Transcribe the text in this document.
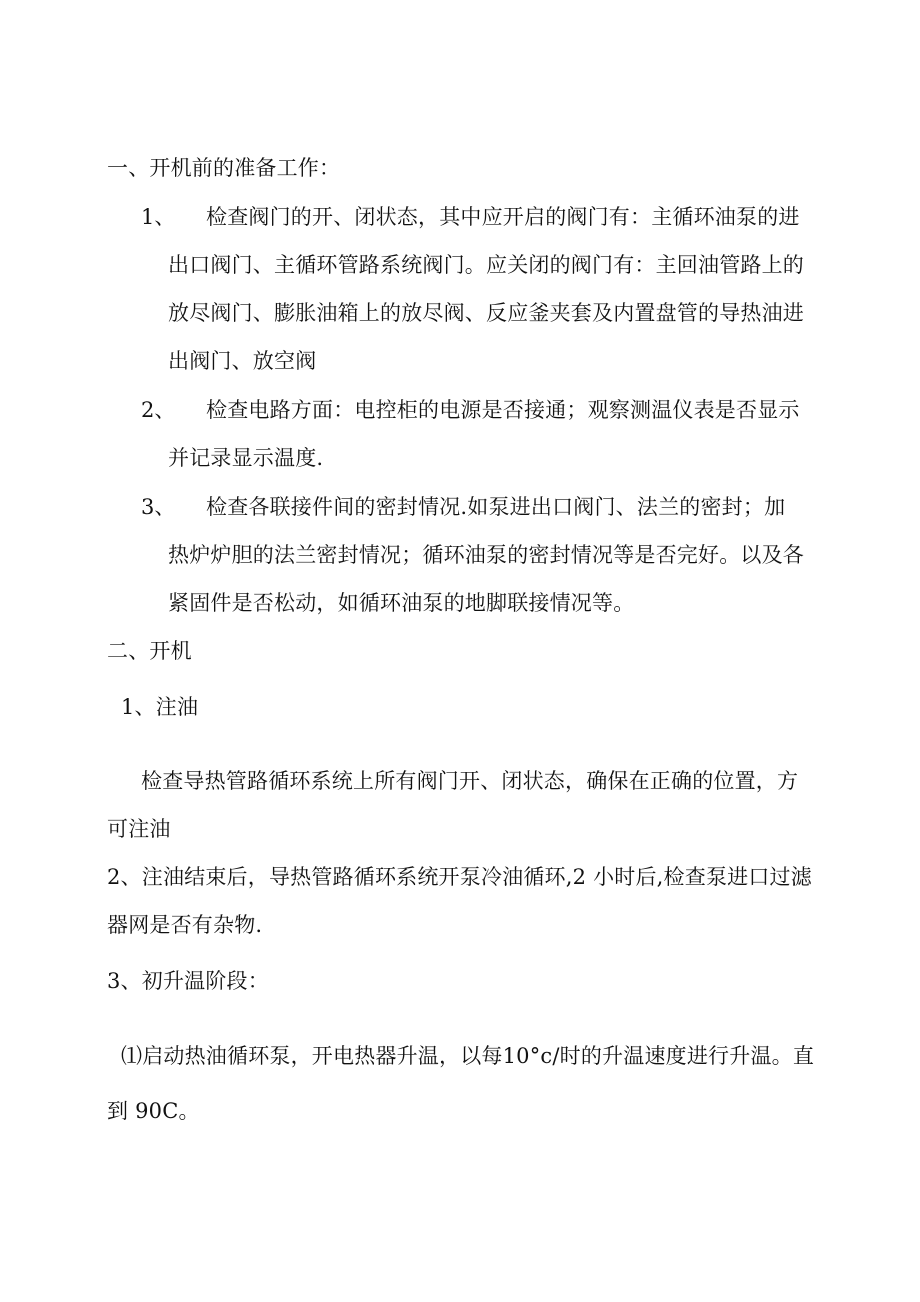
一、开机前的准备工作：
1、 检查阀门的开、闭状态，其中应开启的阀门有：主循环油泵的进
出口阀门、主循环管路系统阀门。应关闭的阀门有：主回油管路上的
放尽阀门、膨胀油箱上的放尽阀、反应釜夹套及内置盘管的导热油进
出阀门、放空阀
2、 检查电路方面：电控柜的电源是否接通；观察测温仪表是否显示
并记录显示温度.
3、 检查各联接件间的密封情况.如泵进出口阀门、法兰的密封；加
热炉炉胆的法兰密封情况；循环油泵的密封情况等是否完好。以及各
紧固件是否松动，如循环油泵的地脚联接情况等。
二、开机
1、注油
检查导热管路循环系统上所有阀门开、闭状态，确保在正确的位置，方
可注油
2、注油结束后，导热管路循环系统开泵冷油循环,2 小时后,检查泵进口过滤
器网是否有杂物.
3、初升温阶段：
⑴启动热油循环泵，开电热器升温，以每10°c/时的升温速度进行升温。直
到 90C。
